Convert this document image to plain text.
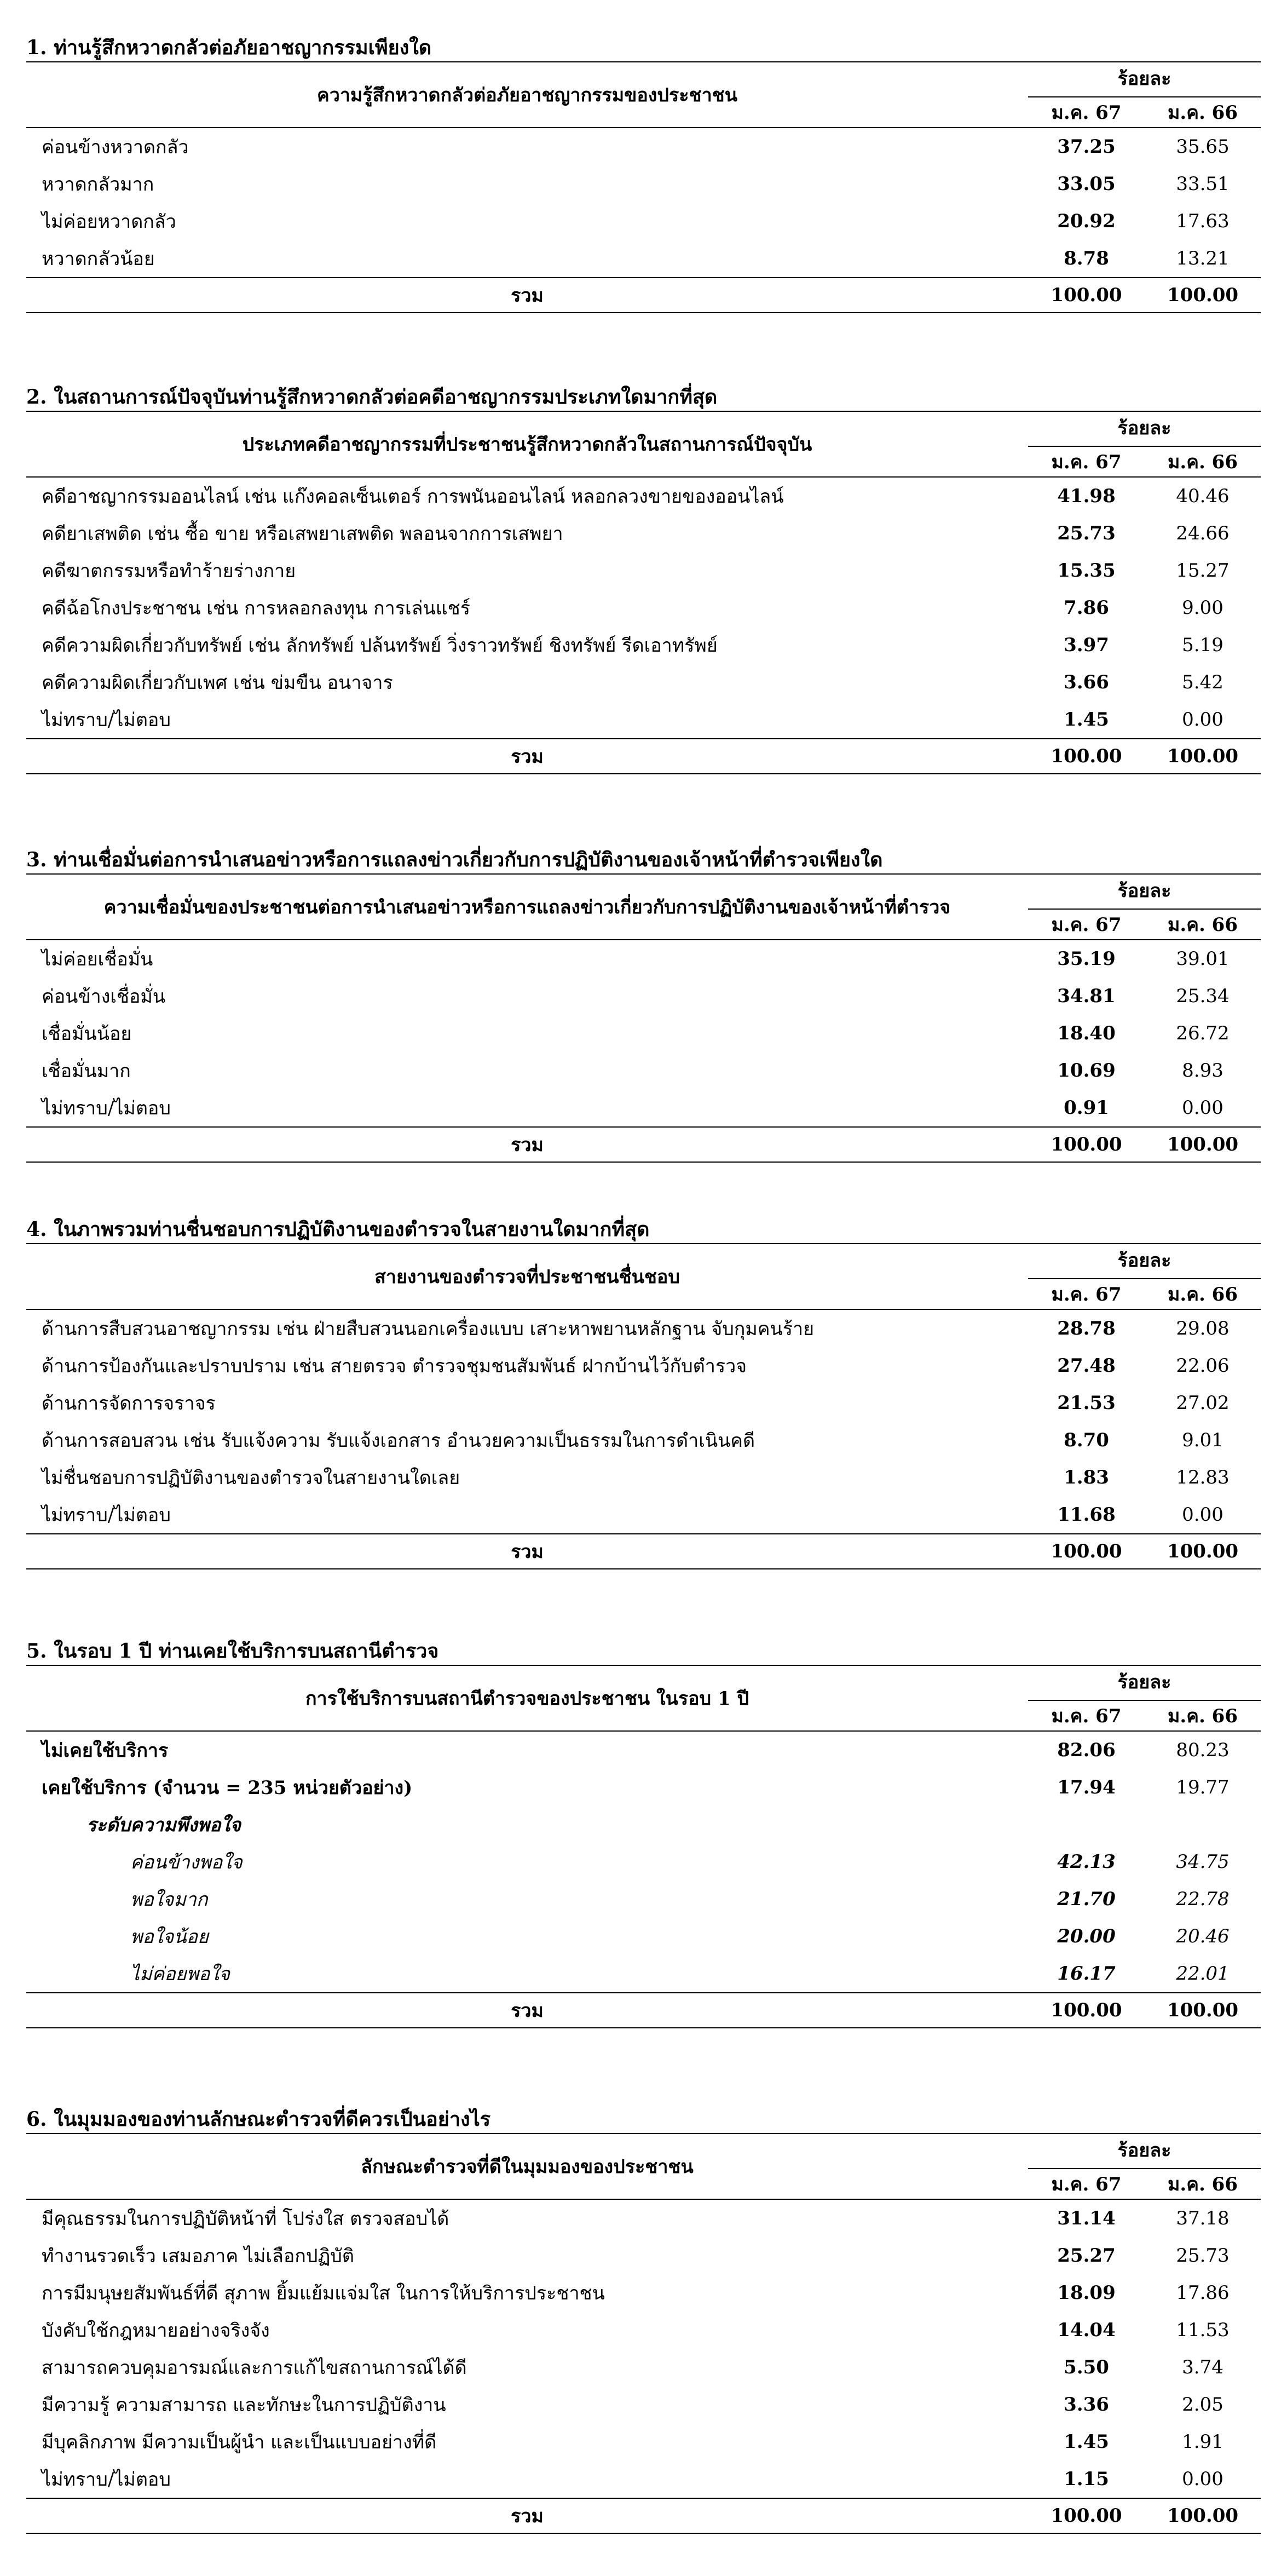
1. ท่านรู้สึกหวาดกลัวต่อภัยอาชญากรรมเพียงใด
ความรู้สึกหวาดกลัวต่อภัยอาชญากรรมของประชาชน	ร้อยละ	
	ม.ค. 67	ม.ค. 66
ค่อนข้างหวาดกลัว	37.25	35.65
หวาดกลัวมาก	33.05	33.51
ไม่ค่อยหวาดกลัว	20.92	17.63
หวาดกลัวน้อย	8.78	13.21
รวม	100.00	100.00
2. ในสถานการณ์ปัจจุบันท่านรู้สึกหวาดกลัวต่อคดีอาชญากรรมประเภทใดมากที่สุด
ประเภทคดีอาชญากรรมที่ประชาชนรู้สึกหวาดกลัวในสถานการณ์ปัจจุบัน	ร้อยละ	
	ม.ค. 67	ม.ค. 66
คดีอาชญากรรมออนไลน์ เช่น แก๊งคอลเซ็นเตอร์ การพนันออนไลน์ หลอกลวงขายของออนไลน์	41.98	40.46
คดียาเสพติด เช่น ซื้อ ขาย หรือเสพยาเสพติด พลอนจากการเสพยา	25.73	24.66
คดีฆาตกรรมหรือทำร้ายร่างกาย	15.35	15.27
คดีฉ้อโกงประชาชน เช่น การหลอกลงทุน การเล่นแชร์	7.86	9.00
คดีความผิดเกี่ยวกับทรัพย์ เช่น ลักทรัพย์ ปล้นทรัพย์ วิ่งราวทรัพย์ ชิงทรัพย์ รีดเอาทรัพย์	3.97	5.19
คดีความผิดเกี่ยวกับเพศ เช่น ข่มขืน อนาจาร	3.66	5.42
ไม่ทราบ/ไม่ตอบ	1.45	0.00
รวม	100.00	100.00
3. ท่านเชื่อมั่นต่อการนำเสนอข่าวหรือการแถลงข่าวเกี่ยวกับการปฏิบัติงานของเจ้าหน้าที่ตำรวจเพียงใด
ความเชื่อมั่นของประชาชนต่อการนำเสนอข่าวหรือการแถลงข่าวเกี่ยวกับการปฏิบัติงานของเจ้าหน้าที่ตำรวจ	ร้อยละ	
	ม.ค. 67	ม.ค. 66
ไม่ค่อยเชื่อมั่น	35.19	39.01
ค่อนข้างเชื่อมั่น	34.81	25.34
เชื่อมั่นน้อย	18.40	26.72
เชื่อมั่นมาก	10.69	8.93
ไม่ทราบ/ไม่ตอบ	0.91	0.00
รวม	100.00	100.00
4. ในภาพรวมท่านชื่นชอบการปฏิบัติงานของตำรวจในสายงานใดมากที่สุด
สายงานของตำรวจที่ประชาชนชื่นชอบ	ร้อยละ	
	ม.ค. 67	ม.ค. 66
ด้านการสืบสวนอาชญากรรม เช่น ฝ่ายสืบสวนนอกเครื่องแบบ เสาะหาพยานหลักฐาน จับกุมคนร้าย	28.78	29.08
ด้านการป้องกันและปราบปราม เช่น สายตรวจ ตำรวจชุมชนสัมพันธ์ ฝากบ้านไว้กับตำรวจ	27.48	22.06
ด้านการจัดการจราจร	21.53	27.02
ด้านการสอบสวน เช่น รับแจ้งความ รับแจ้งเอกสาร อำนวยความเป็นธรรมในการดำเนินคดี	8.70	9.01
ไม่ชื่นชอบการปฏิบัติงานของตำรวจในสายงานใดเลย	1.83	12.83
ไม่ทราบ/ไม่ตอบ	11.68	0.00
รวม	100.00	100.00
5. ในรอบ 1 ปี ท่านเคยใช้บริการบนสถานีตำรวจ
การใช้บริการบนสถานีตำรวจของประชาชน ในรอบ 1 ปี	ร้อยละ	
	ม.ค. 67	ม.ค. 66
ไม่เคยใช้บริการ	82.06	80.23
เคยใช้บริการ (จำนวน = 235 หน่วยตัวอย่าง)	17.94	19.77
ระดับความพึงพอใจ		
ค่อนข้างพอใจ	42.13	34.75
พอใจมาก	21.70	22.78
พอใจน้อย	20.00	20.46
ไม่ค่อยพอใจ	16.17	22.01
รวม	100.00	100.00
6. ในมุมมองของท่านลักษณะตำรวจที่ดีควรเป็นอย่างไร
ลักษณะตำรวจที่ดีในมุมมองของประชาชน	ร้อยละ	
	ม.ค. 67	ม.ค. 66
มีคุณธรรมในการปฏิบัติหน้าที่ โปร่งใส ตรวจสอบได้	31.14	37.18
ทำงานรวดเร็ว เสมอภาค ไม่เลือกปฏิบัติ	25.27	25.73
การมีมนุษยสัมพันธ์ที่ดี สุภาพ ยิ้มแย้มแจ่มใส ในการให้บริการประชาชน	18.09	17.86
บังคับใช้กฎหมายอย่างจริงจัง	14.04	11.53
สามารถควบคุมอารมณ์และการแก้ไขสถานการณ์ได้ดี	5.50	3.74
มีความรู้ ความสามารถ และทักษะในการปฏิบัติงาน	3.36	2.05
มีบุคลิกภาพ มีความเป็นผู้นำ และเป็นแบบอย่างที่ดี	1.45	1.91
ไม่ทราบ/ไม่ตอบ	1.15	0.00
รวม	100.00	100.00
